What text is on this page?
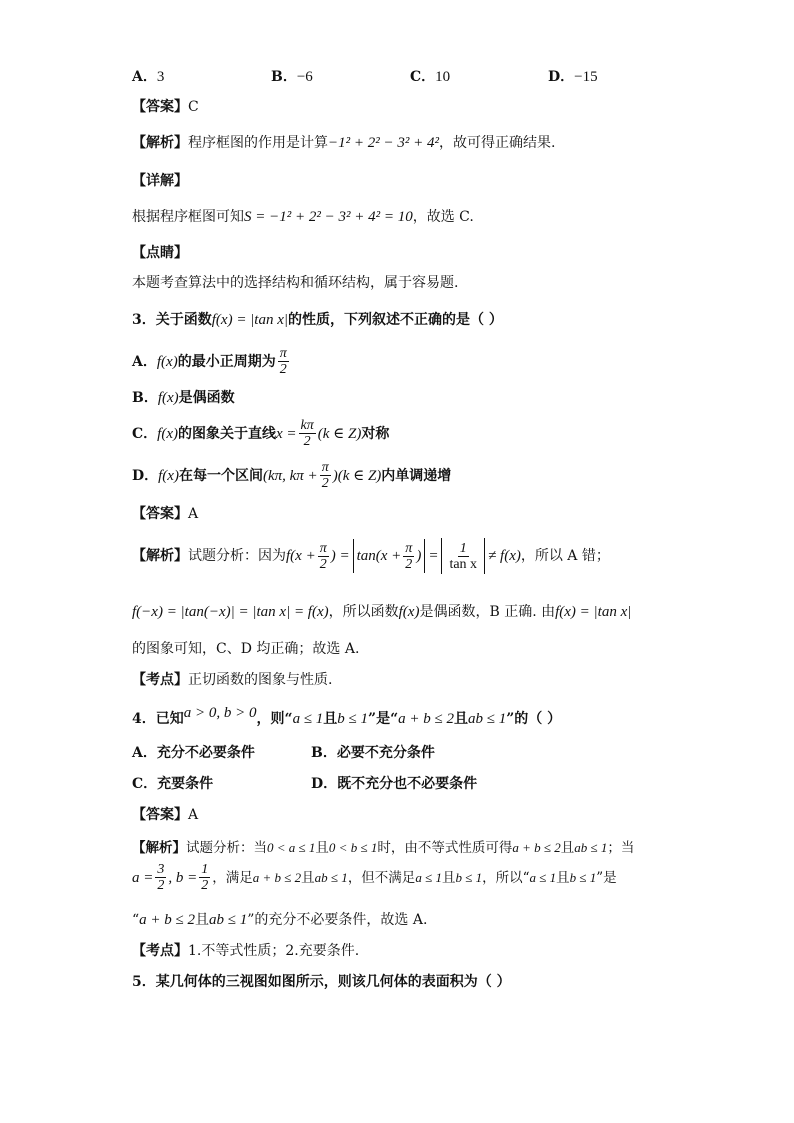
A．3	B．−6	C．10	D．−15
【答案】C
【解析】程序框图的作用是计算−1² + 2² − 3² + 4²，故可得正确结果.
【详解】
根据程序框图可知S = −1² + 2² − 3² + 4² = 10，故选 C.
【点睛】
本题考查算法中的选择结构和循环结构，属于容易题.
3．关于函数f(x) = |tan x|的性质，下列叙述不正确的是（ ）
A． f(x) 的最小正周期为 $\frac{\pi}{2}$
B．f(x)是偶函数
C． f(x) 的图象关于直线 $x = \frac{k\pi}{2} (k$ ∈ Z) 对称
D． f(x) 在每一个区间 (kπ, $k\pi + \frac{\pi}{2} )(k$ ∈ Z) 内单调递增
【答案】A
【解析】 试题分析：因为 $f(x + \frac{\pi}{2}$ ) = $\tan(x + \frac{\pi}{2}$ ) = $\frac{1}{\text{tan x}} \ne f(x)$ ，所以 A 错；
f(−x) = |tan(−x)| = |tan x| = f(x)，所以函数f(x)是偶函数，B 正确. 由f(x) = |tan x|
的图象可知，C、D 均正确；故选 A.
【考点】正切函数的图象与性质.
4．已知a > 0, b > 0，则“a ≤ 1且b ≤ 1”是“a + b ≤ 2且ab ≤ 1”的（ ）
A．充分不必要条件	B．必要不充分条件
C．充要条件	D．既不充分也不必要条件
【答案】A
【解析】试题分析：当0 < a ≤ 1且0 < b ≤ 1时，由不等式性质可得a + b ≤ 2且ab ≤ 1；当
$a = \frac{3}{2}$ , $b = \frac{1}{2}$ ，满足 a + b ≤ 2 且 ab ≤ 1 ，但不满足 a ≤ 1 且 b ≤ 1 ，所以“ a ≤ 1 且 b ≤ 1 ”是
“a + b ≤ 2且ab ≤ 1”的充分不必要条件，故选 A.
【考点】1.不等式性质；2.充要条件.
5．某几何体的三视图如图所示，则该几何体的表面积为（ ）
